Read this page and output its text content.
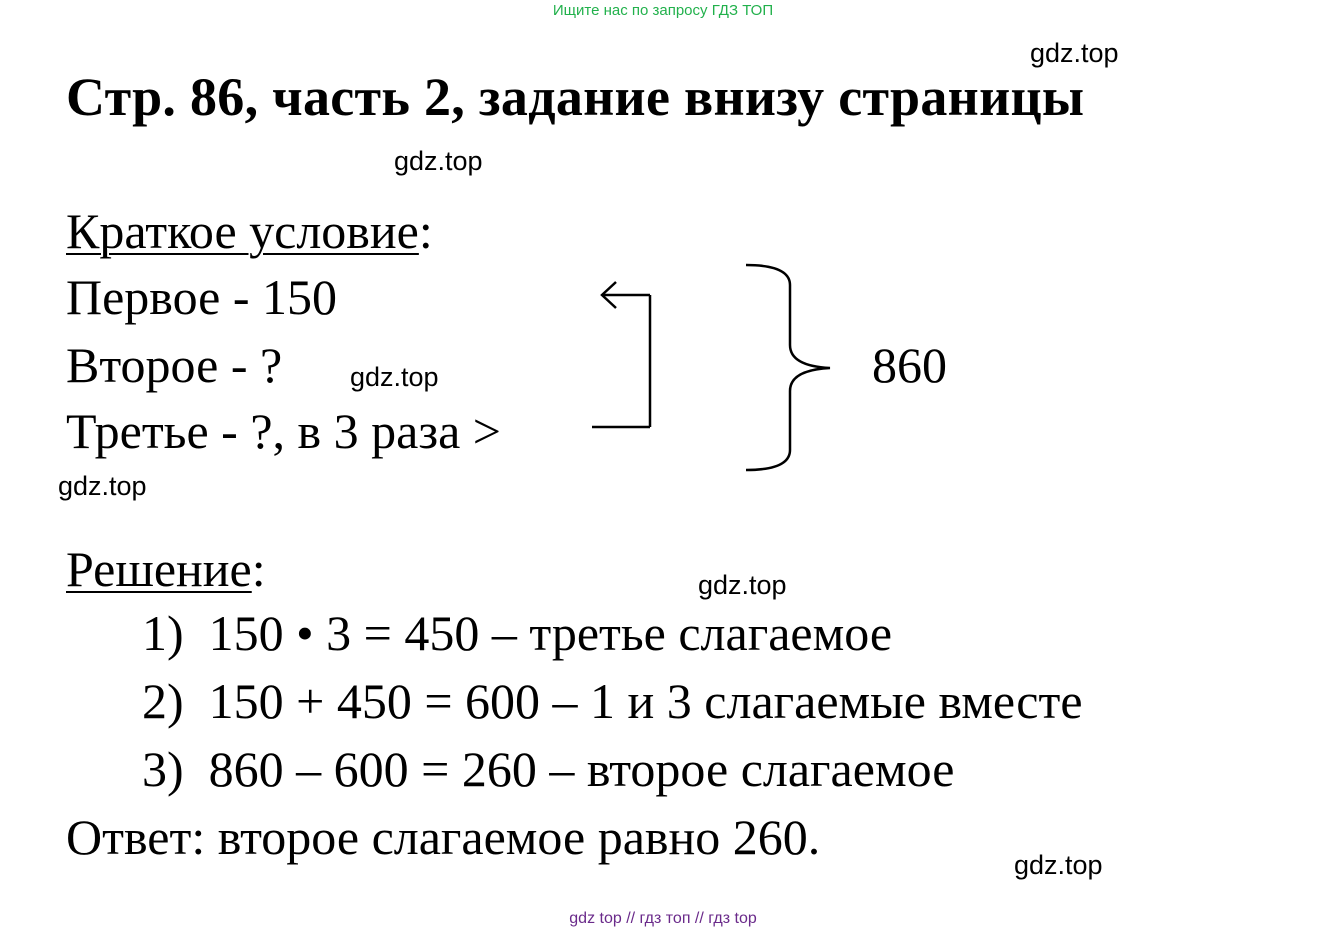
Ищите нас по запросу ГДЗ ТОП
gdz.top
Стр. 86, часть 2, задание внизу страницы
gdz.top
Краткое условие:
Первое - 150
Второе - ?	gdz.top
Третье - ?, в 3 раза >
860
gdz.top
Решение:	gdz.top
1) 150 • 3 = 450 – третье слагаемое
2) 150 + 450 = 600 – 1 и 3 слагаемые вместе
3) 860 – 600 = 260 – второе слагаемое
Ответ: второе слагаемое равно 260.	gdz.top
gdz top // гдз топ // гдз top
